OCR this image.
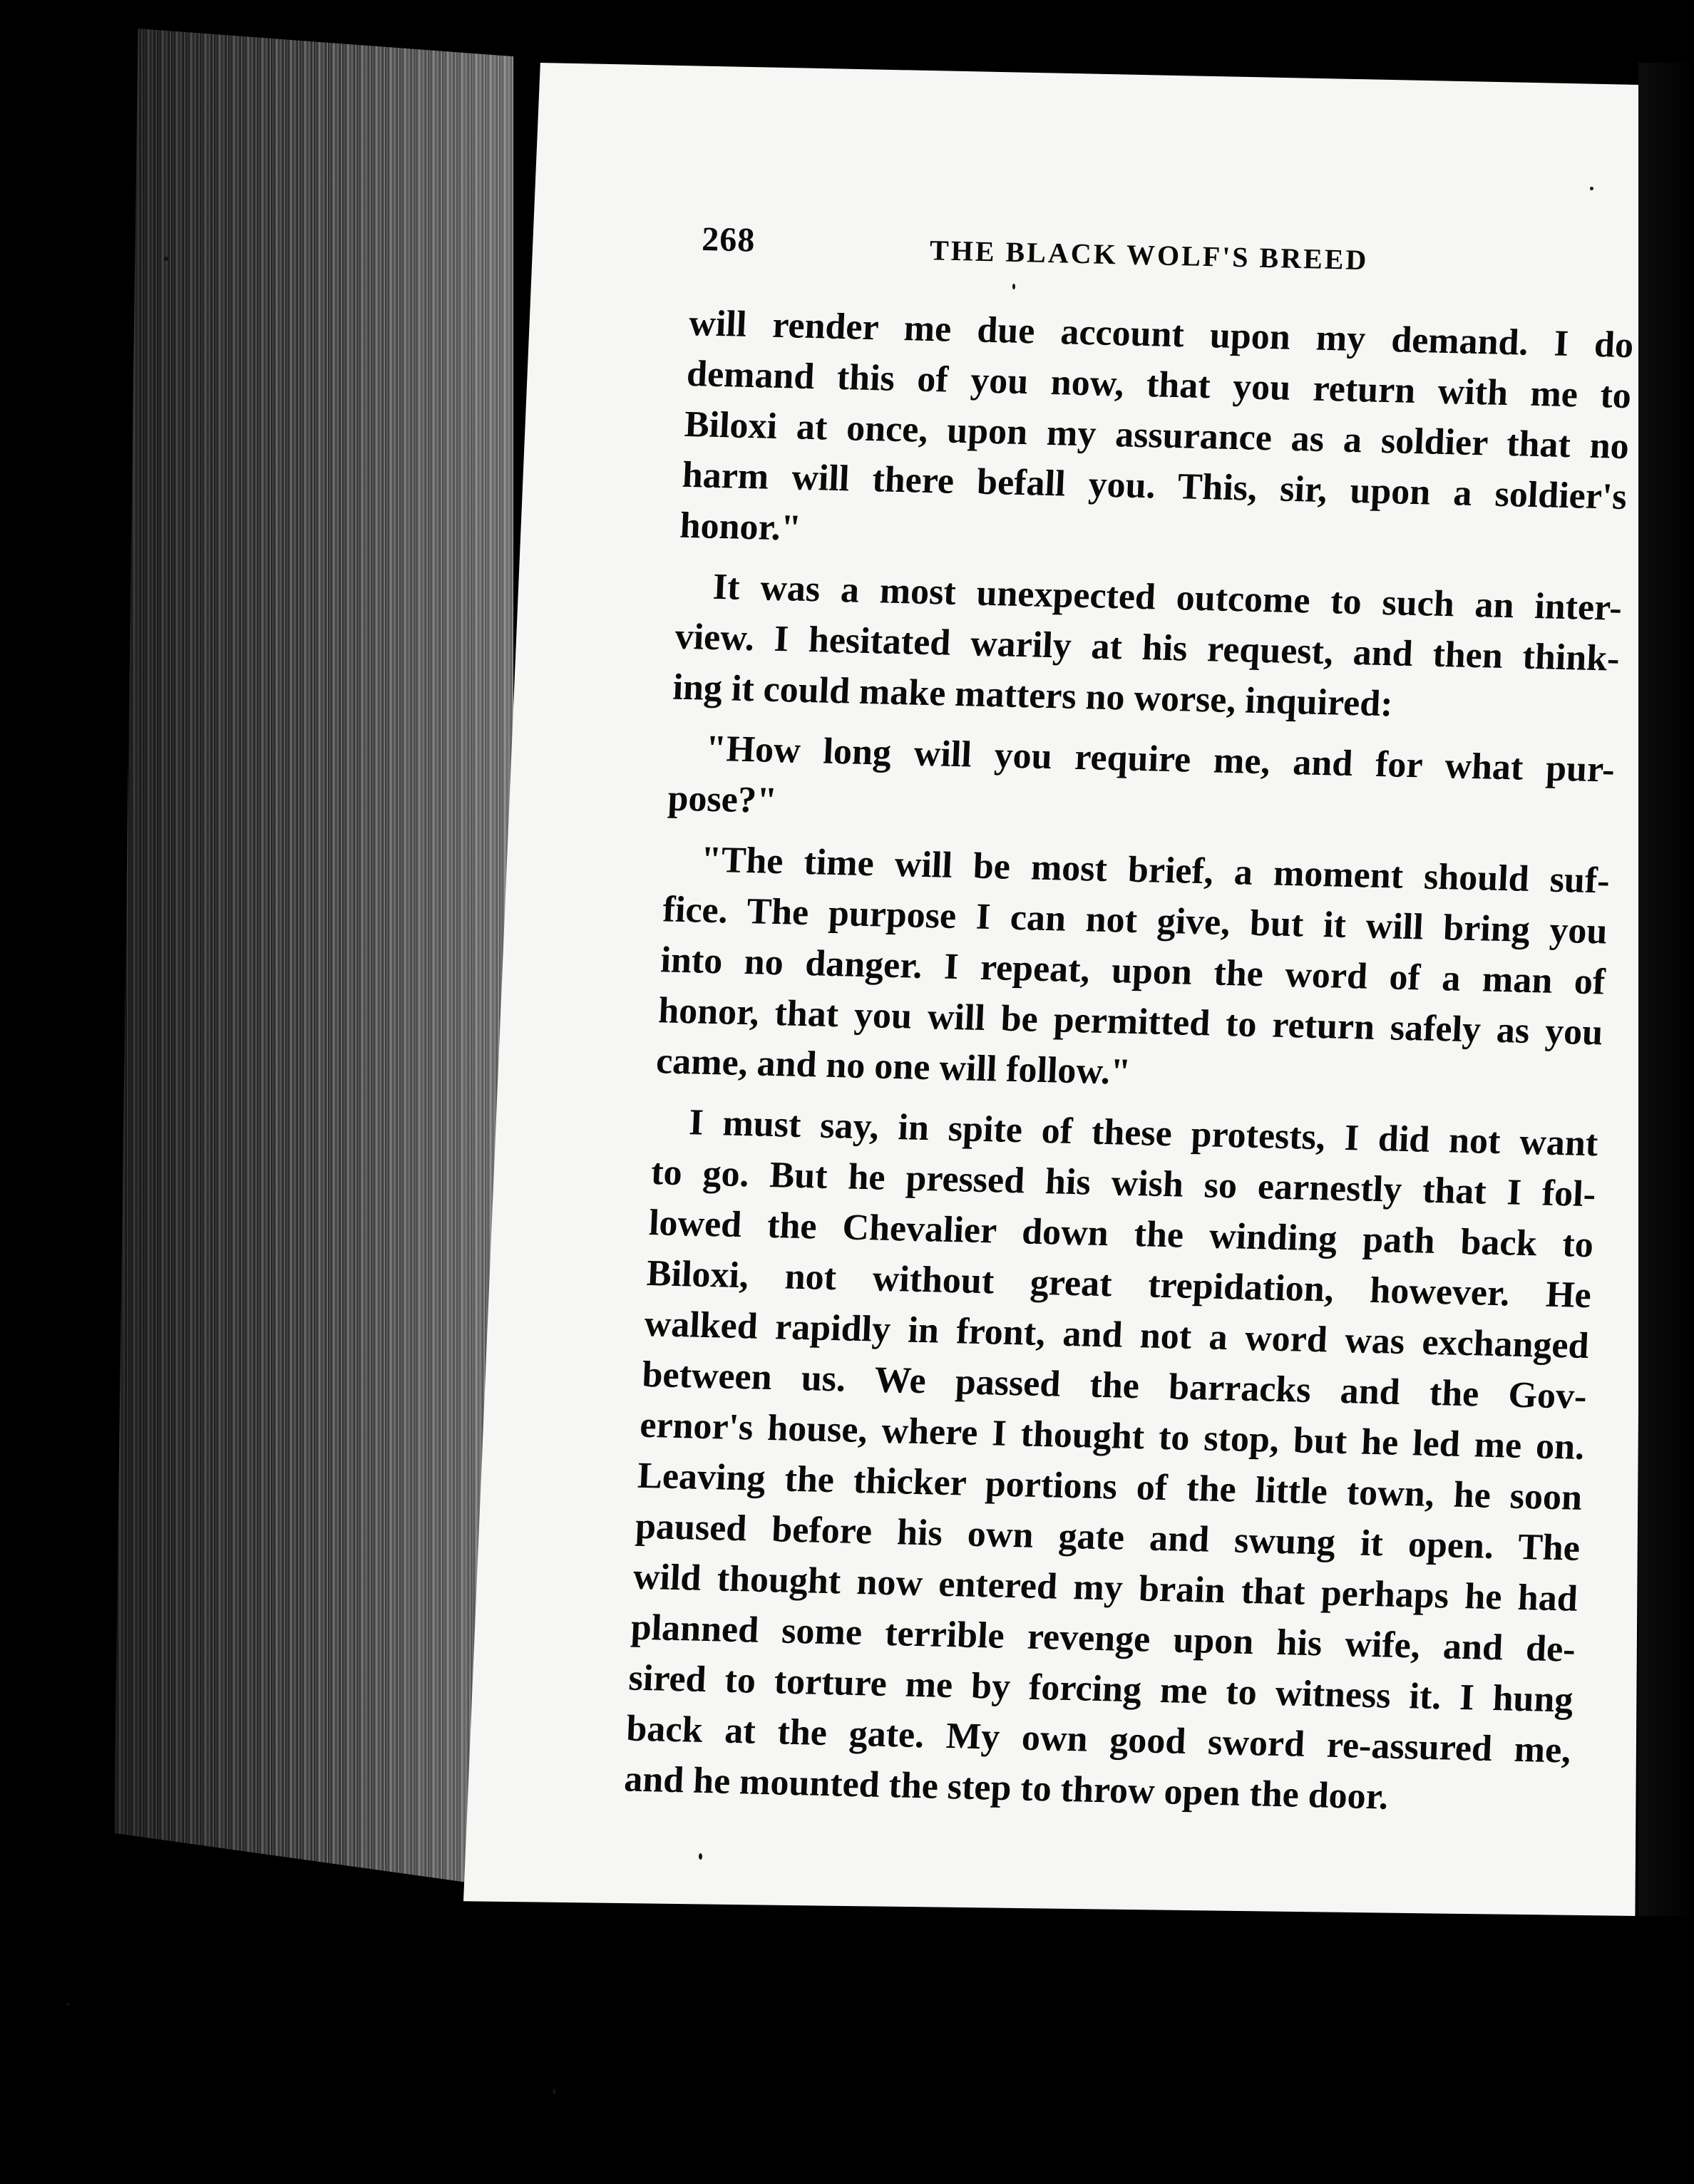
268	THE BLACK WOLF'S BREED
will render me due account upon my demand. I do
demand this of you now, that you return with me to
Biloxi at once, upon my assurance as a soldier that no
harm will there befall you. This, sir, upon a soldier's
honor."
It was a most unexpected outcome to such an inter-
view. I hesitated warily at his request, and then think-
ing it could make matters no worse, inquired:
"How long will you require me, and for what pur-
pose?"
"The time will be most brief, a moment should suf-
fice. The purpose I can not give, but it will bring you
into no danger. I repeat, upon the word of a man of
honor, that you will be permitted to return safely as you
came, and no one will follow."
I must say, in spite of these protests, I did not want
to go. But he pressed his wish so earnestly that I fol-
lowed the Chevalier down the winding path back to
Biloxi, not without great trepidation, however. He
walked rapidly in front, and not a word was exchanged
between us. We passed the barracks and the Gov-
ernor's house, where I thought to stop, but he led me on.
Leaving the thicker portions of the little town, he soon
paused before his own gate and swung it open. The
wild thought now entered my brain that perhaps he had
planned some terrible revenge upon his wife, and de-
sired to torture me by forcing me to witness it. I hung
back at the gate. My own good sword re-assured me,
and he mounted the step to throw open the door.
